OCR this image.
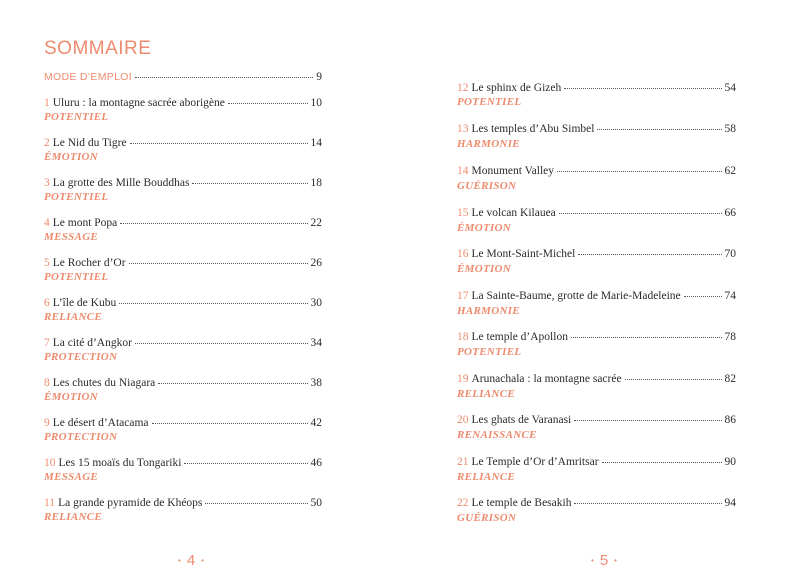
SOMMAIRE
MODE D’EMPLOI	9
1 Uluru : la montagne sacrée aborigène	10
POTENTIEL
2 Le Nid du Tigre	14
ÉMOTION
3 La grotte des Mille Bouddhas	18
POTENTIEL
4 Le mont Popa	22
MESSAGE
5 Le Rocher d’Or	26
POTENTIEL
6 L’île de Kubu	30
RELIANCE
7 La cité d’Angkor	34
PROTECTION
8 Les chutes du Niagara	38
ÉMOTION
9 Le désert d’Atacama	42
PROTECTION
10 Les 15 moaïs du Tongariki	46
MESSAGE
11 La grande pyramide de Khéops	50
RELIANCE
• 4 •
12 Le sphinx de Gizeh	54
POTENTIEL
13 Les temples d’Abu Simbel	58
HARMONIE
14 Monument Valley	62
GUÉRISON
15 Le volcan Kilauea	66
ÉMOTION
16 Le Mont-Saint-Michel	70
ÉMOTION
17 La Sainte-Baume, grotte de Marie-Madeleine	74
HARMONIE
18 Le temple d’Apollon	78
POTENTIEL
19 Arunachala : la montagne sacrée	82
RELIANCE
20 Les ghats de Varanasi	86
RENAISSANCE
21 Le Temple d’Or d’Amritsar	90
RELIANCE
22 Le temple de Besakih	94
GUÉRISON
• 5 •
